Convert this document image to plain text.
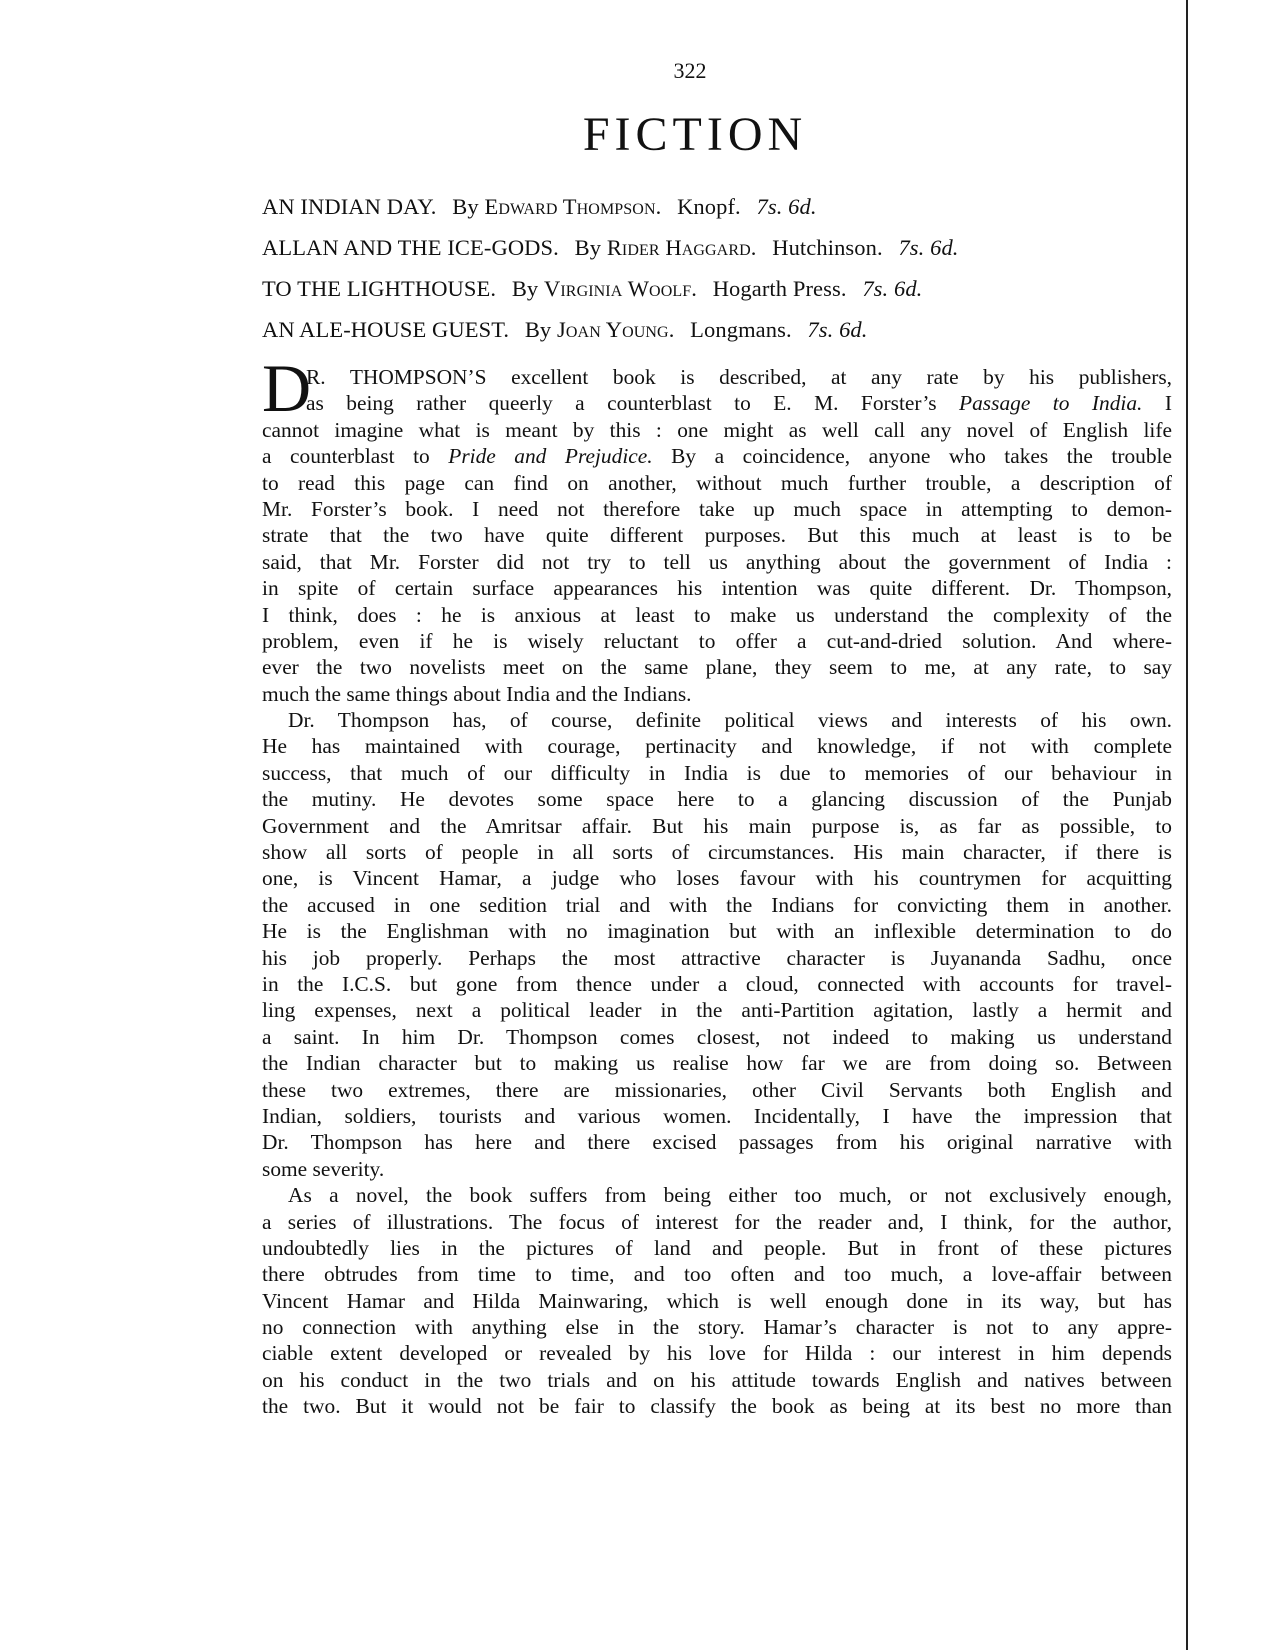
322
FICTION
AN INDIAN DAY. By Edward Thompson. Knopf. 7s. 6d.
ALLAN AND THE ICE-GODS. By Rider Haggard. Hutchinson. 7s. 6d.
TO THE LIGHTHOUSE. By Virginia Woolf. Hogarth Press. 7s. 6d.
AN ALE-HOUSE GUEST. By Joan Young. Longmans. 7s. 6d.
D
R. THOMPSON’S excellent book is described, at any rate by his publishers,
as being rather queerly a counterblast to E. M. Forster’s Passage to India. I
cannot imagine what is meant by this : one might as well call any novel of English life
a counterblast to Pride and Prejudice. By a coincidence, anyone who takes the trouble
to read this page can find on another, without much further trouble, a description of
Mr. Forster’s book. I need not therefore take up much space in attempting to demon-
strate that the two have quite different purposes. But this much at least is to be
said, that Mr. Forster did not try to tell us anything about the government of India :
in spite of certain surface appearances his intention was quite different. Dr. Thompson,
I think, does : he is anxious at least to make us understand the complexity of the
problem, even if he is wisely reluctant to offer a cut-and-dried solution. And where-
ever the two novelists meet on the same plane, they seem to me, at any rate, to say
much the same things about India and the Indians.
Dr. Thompson has, of course, definite political views and interests of his own.
He has maintained with courage, pertinacity and knowledge, if not with complete
success, that much of our difficulty in India is due to memories of our behaviour in
the mutiny. He devotes some space here to a glancing discussion of the Punjab
Government and the Amritsar affair. But his main purpose is, as far as possible, to
show all sorts of people in all sorts of circumstances. His main character, if there is
one, is Vincent Hamar, a judge who loses favour with his countrymen for acquitting
the accused in one sedition trial and with the Indians for convicting them in another.
He is the Englishman with no imagination but with an inflexible determination to do
his job properly. Perhaps the most attractive character is Juyananda Sadhu, once
in the I.C.S. but gone from thence under a cloud, connected with accounts for travel-
ling expenses, next a political leader in the anti-Partition agitation, lastly a hermit and
a saint. In him Dr. Thompson comes closest, not indeed to making us understand
the Indian character but to making us realise how far we are from doing so. Between
these two extremes, there are missionaries, other Civil Servants both English and
Indian, soldiers, tourists and various women. Incidentally, I have the impression that
Dr. Thompson has here and there excised passages from his original narrative with
some severity.
As a novel, the book suffers from being either too much, or not exclusively enough,
a series of illustrations. The focus of interest for the reader and, I think, for the author,
undoubtedly lies in the pictures of land and people. But in front of these pictures
there obtrudes from time to time, and too often and too much, a love-affair between
Vincent Hamar and Hilda Mainwaring, which is well enough done in its way, but has
no connection with anything else in the story. Hamar’s character is not to any appre-
ciable extent developed or revealed by his love for Hilda : our interest in him depends
on his conduct in the two trials and on his attitude towards English and natives between
the two. But it would not be fair to classify the book as being at its best no more than
